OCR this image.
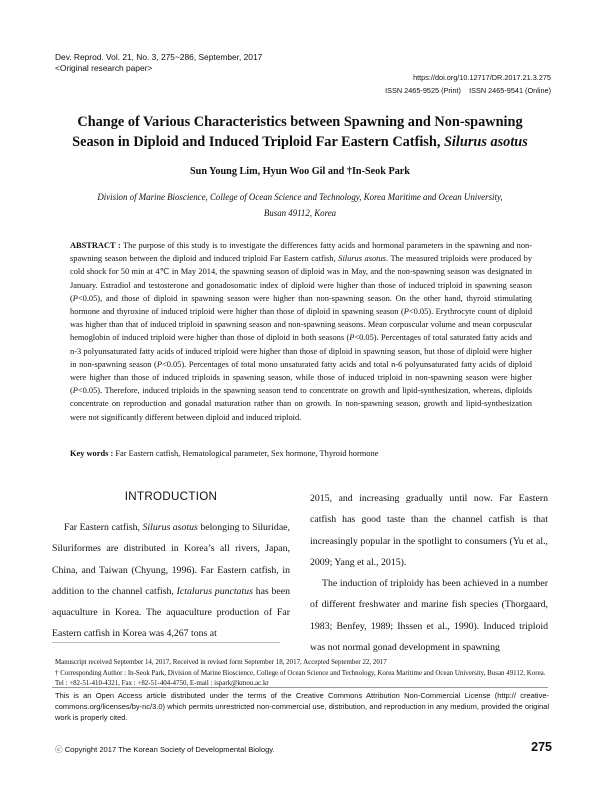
Dev. Reprod. Vol. 21, No. 3, 275~286, September, 2017
<Original research paper>
https://doi.org/10.12717/DR.2017.21.3.275
ISSN 2465-9525 (Print)    ISSN 2465-9541 (Online)
Change of Various Characteristics between Spawning and Non-spawning
Season in Diploid and Induced Triploid Far Eastern Catfish, Silurus asotus
Sun Young Lim, Hyun Woo Gil and †In-Seok Park
Division of Marine Bioscience, College of Ocean Science and Technology, Korea Maritime and Ocean University,
Busan 49112, Korea
ABSTRACT : The purpose of this study is to investigate the differences fatty acids and hormonal parameters in the spawning and non-spawning season between the diploid and induced triploid Far Eastern catfish, Silurus asotus. The measured triploids were produced by cold shock for 50 min at 4℃ in May 2014, the spawning season of diploid was in May, and the non-spawning season was designated in January. Estradiol and testosterone and gonadosomatic index of diploid were higher than those of induced triploid in spawning season (P<0.05), and those of diploid in spawning season were higher than non-spawning season. On the other hand, thyroid stimulating hormone and thyroxine of induced triploid were higher than those of diploid in spawning season (P<0.05). Erythrocyte count of diploid was higher than that of induced triploid in spawning season and non-spawning seasons. Mean corpuscular volume and mean corpuscular hemoglobin of induced triploid were higher than those of diploid in both seasons (P<0.05). Percentages of total saturated fatty acids and n-3 polyunsaturated fatty acids of induced triploid were higher than those of diploid in spawning season, but those of diploid were higher in non-spawning season (P<0.05). Percentages of total mono unsaturated fatty acids and total n-6 polyunsaturated fatty acids of diploid were higher than those of induced triploids in spawning season, while those of induced triploid in non-spawning season were higher (P<0.05). Therefore, induced triploids in the spawning season tend to concentrate on growth and lipid-synthesization, whereas, diploids concentrate on reproduction and gonadal maturation rather than on growth. In non-spawning season, growth and lipid-synthesization were not significantly different between diploid and induced triploid.
Key words : Far Eastern catfish, Hematological parameter, Sex hormone, Thyroid hormone
INTRODUCTION
Far Eastern catfish, Silurus asotus belonging to Siluridae, Siluriformes are distributed in Korea’s all rivers, Japan, China, and Taiwan (Chyung, 1996). Far Eastern catfish, in addition to the channel catfish, Ictalurus punctatus has been aquaculture in Korea. The aquaculture production of Far Eastern catfish in Korea was 4,267 tons at
2015, and increasing gradually until now. Far Eastern catfish has good taste than the channel catfish is that increasingly popular in the spotlight to consumers (Yu et al., 2009; Yang et al., 2015).
The induction of triploidy has been achieved in a number of different freshwater and marine fish species (Thorgaard, 1983; Benfey, 1989; Ihssen et al., 1990). Induced triploid was not normal gonad development in spawning
Manuscript received September 14, 2017, Received in revised form September 18, 2017, Accepted September 22, 2017
† Corresponding Author : In-Seok Park, Division of Marine Bioscience, College of Ocean Science and Technology, Korea Maritime and Ocean University, Busan 49112, Korea. Tel : +82-51-410-4321, Fax : +82-51-404-4750, E-mail : ispark@kmou.ac.kr
This is an Open Access article distributed under the terms of the Creative Commons Attribution Non-Commercial License (http:// creative-commons.org/licenses/by-nc/3.0) which permits unrestricted non-commercial use, distribution, and reproduction in any medium, provided the original work is properly cited.
ⓒ Copyright 2017 The Korean Society of Developmental Biology.	275
